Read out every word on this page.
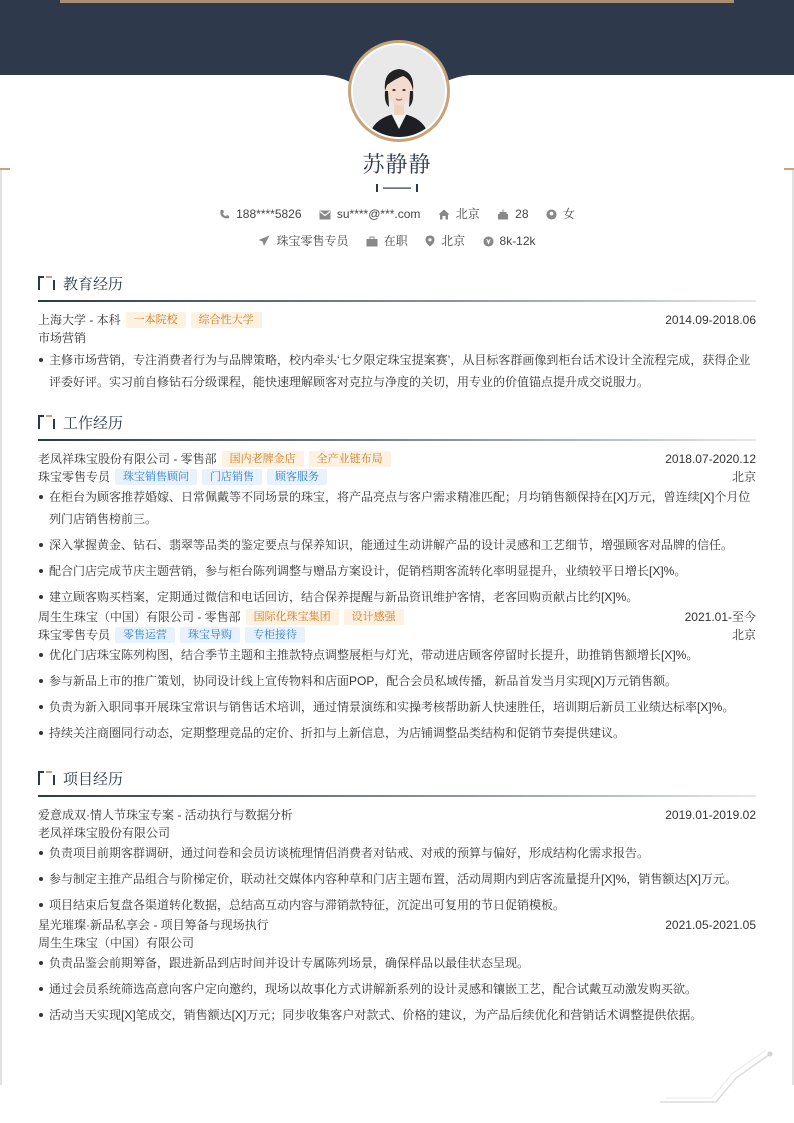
苏静静
188****5826	su****@***.com	北京	28	女
珠宝零售专员	在职	北京	8k-12k
教育经历
上海大学 - 本科 一本院校 综合性大学	2014.09-2018.06
市场营销
主修市场营销，专注消费者行为与品牌策略，校内牵头‘七夕限定珠宝提案赛’，从目标客群画像到柜台话术设计全流程完成，获得企业评委好评。实习前自修钻石分级课程，能快速理解顾客对克拉与净度的关切，用专业的价值锚点提升成交说服力。
工作经历
老凤祥珠宝股份有限公司 - 零售部 国内老牌金店 全产业链布局	2018.07-2020.12
珠宝零售专员 珠宝销售顾问 门店销售 顾客服务	北京
在柜台为顾客推荐婚嫁、日常佩戴等不同场景的珠宝，将产品亮点与客户需求精准匹配；月均销售额保持在[X]万元，曾连续[X]个月位列门店销售榜前三。
深入掌握黄金、钻石、翡翠等品类的鉴定要点与保养知识，能通过生动讲解产品的设计灵感和工艺细节，增强顾客对品牌的信任。
配合门店完成节庆主题营销，参与柜台陈列调整与赠品方案设计，促销档期客流转化率明显提升，业绩较平日增长[X]%。
建立顾客购买档案，定期通过微信和电话回访，结合保养提醒与新品资讯维护客情，老客回购贡献占比约[X]%。
周生生珠宝（中国）有限公司 - 零售部 国际化珠宝集团 设计感强	2021.01-至今
珠宝零售专员 零售运营 珠宝导购 专柜接待	北京
优化门店珠宝陈列构图，结合季节主题和主推款特点调整展柜与灯光，带动进店顾客停留时长提升，助推销售额增长[X]%。
参与新品上市的推广策划，协同设计线上宣传物料和店面POP，配合会员私域传播，新品首发当月实现[X]万元销售额。
负责为新入职同事开展珠宝常识与销售话术培训，通过情景演练和实操考核帮助新人快速胜任，培训期后新员工业绩达标率[X]%。
持续关注商圈同行动态，定期整理竞品的定价、折扣与上新信息，为店铺调整品类结构和促销节奏提供建议。
项目经历
爱意成双·情人节珠宝专案 - 活动执行与数据分析	2019.01-2019.02
老凤祥珠宝股份有限公司
负责项目前期客群调研，通过问卷和会员访谈梳理情侣消费者对钻戒、对戒的预算与偏好，形成结构化需求报告。
参与制定主推产品组合与阶梯定价，联动社交媒体内容种草和门店主题布置，活动周期内到店客流量提升[X]%，销售额达[X]万元。
项目结束后复盘各渠道转化数据，总结高互动内容与滞销款特征，沉淀出可复用的节日促销模板。
星光璀璨·新品私享会 - 项目筹备与现场执行	2021.05-2021.05
周生生珠宝（中国）有限公司
负责品鉴会前期筹备，跟进新品到店时间并设计专属陈列场景，确保样品以最佳状态呈现。
通过会员系统筛选高意向客户定向邀约，现场以故事化方式讲解新系列的设计灵感和镶嵌工艺，配合试戴互动激发购买欲。
活动当天实现[X]笔成交，销售额达[X]万元；同步收集客户对款式、价格的建议，为产品后续优化和营销话术调整提供依据。
